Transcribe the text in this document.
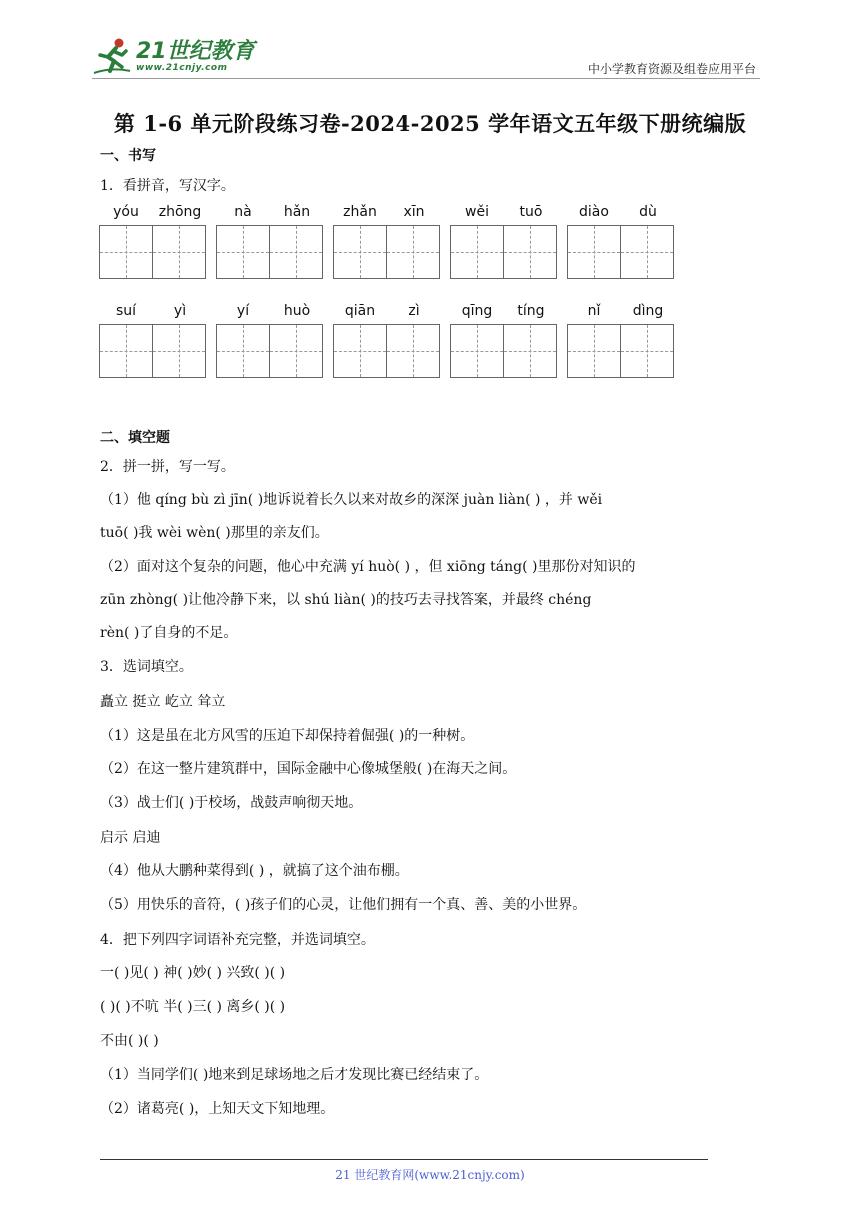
21世纪教育
www.21cnjy.com	中小学教育资源及组卷应用平台
第 1-6 单元阶段练习卷-2024-2025 学年语文五年级下册统编版
一、书写
1．看拼音，写汉字。
yóu	zhōng	nà	hǎn	zhǎn	xīn	wěi	tuō	diào	dù
suí	yì	yí	huò	qiān	zì	qīng	tíng	nǐ	dìng
二、填空题
2．拼一拼，写一写。
（1）他 qíng bù zì jīn( )地诉说着长久以来对故乡的深深 juàn liàn( ) ，并 wěi
tuō( )我 wèi wèn( )那里的亲友们。
（2）面对这个复杂的问题，他心中充满 yí huò( ) ，但 xiōng táng( )里那份对知识的
zūn zhòng( )让他冷静下来，以 shú liàn( )的技巧去寻找答案，并最终 chéng
rèn( )了自身的不足。
3．选词填空。
矗立 挺立 屹立 耸立
（1）这是虽在北方风雪的压迫下却保持着倔强( )的一种树。
（2）在这一整片建筑群中，国际金融中心像城堡般( )在海天之间。
（3）战士们( )于校场，战鼓声响彻天地。
启示 启迪
（4）他从大鹏种菜得到( ) ，就搞了这个油布棚。
（5）用快乐的音符，( )孩子们的心灵，让他们拥有一个真、善、美的小世界。
4．把下列四字词语补充完整，并选词填空。
一( )见( ) 神( )妙( ) 兴致( )( )
( )( )不吭 半( )三( ) 离乡( )( )
不由( )( )
（1）当同学们( )地来到足球场地之后才发现比赛已经结束了。
（2）诸葛亮( )，上知天文下知地理。
21 世纪教育网(www.21cnjy.com)
